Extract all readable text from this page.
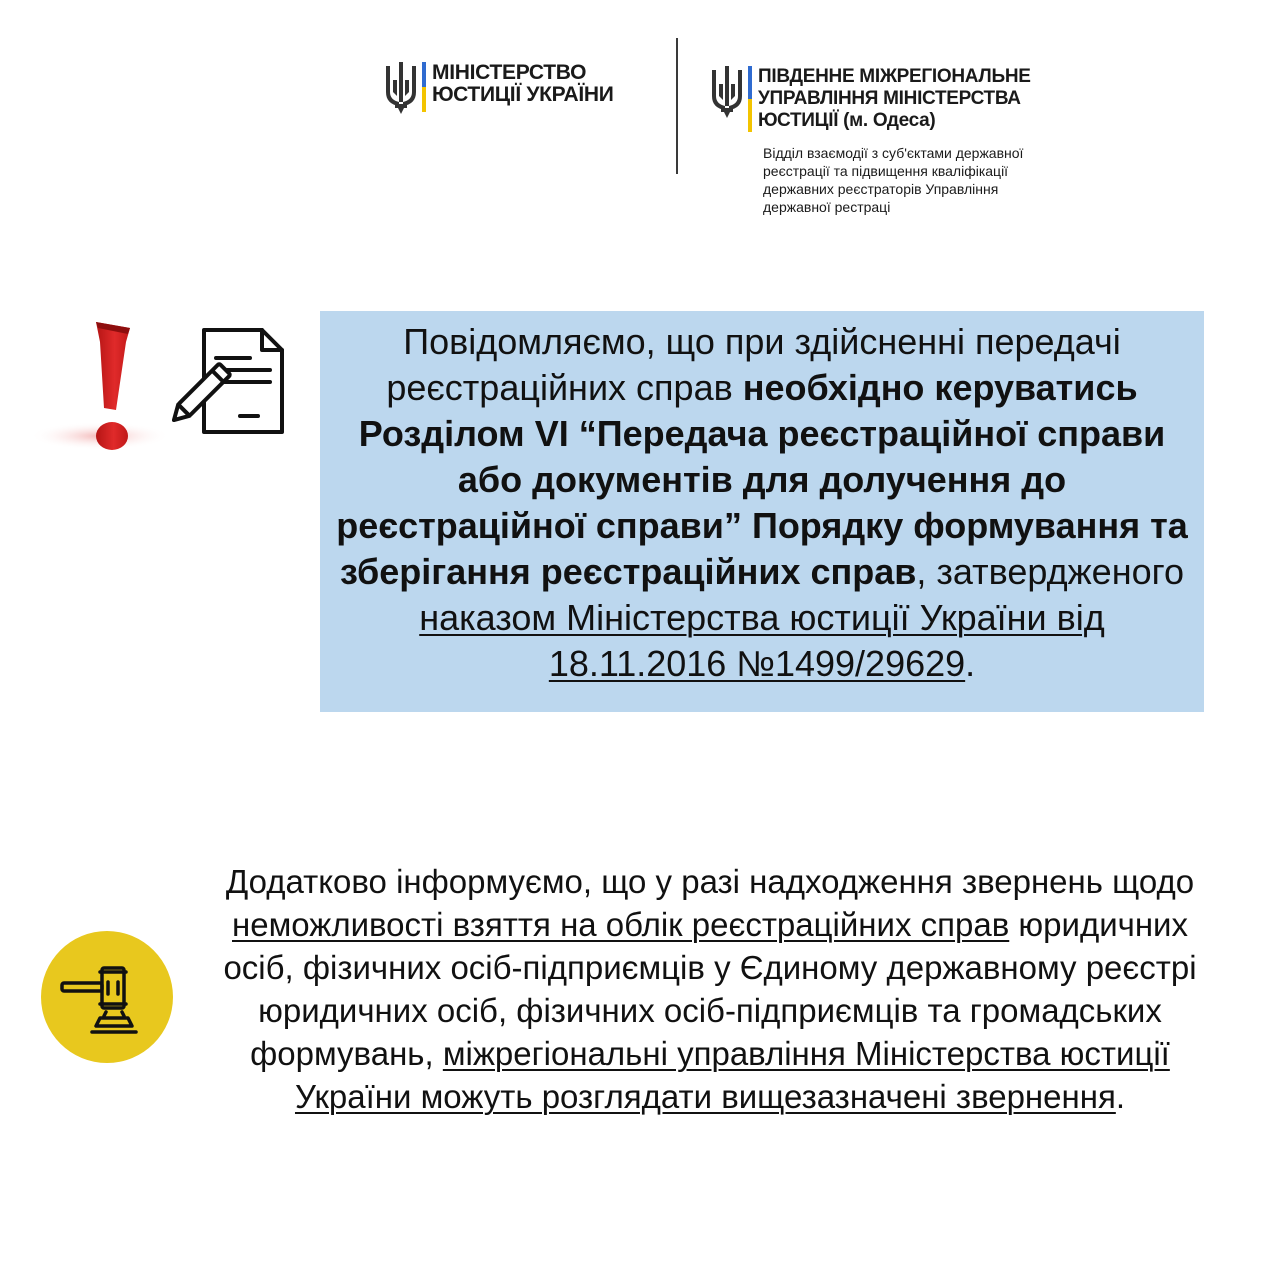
МІНІСТЕРСТВО
ЮСТИЦІЇ УКРАЇНИ
ПІВДЕННЕ МІЖРЕГІОНАЛЬНЕ
УПРАВЛІННЯ МІНІСТЕРСТВА
ЮСТИЦІЇ (м. Одеса)
Відділ взаємодії з суб'єктами державної
реєстрації та підвищення кваліфікації
державних реєстраторів Управління
державної рестраці
Повідомляємо, що при здійсненні передачі реєстраційних справ необхідно керуватись Розділом VI “Передача реєстраційної справи або документів для долучення до реєстраційної справи” Порядку формування та зберігання реєстраційних справ, затвердженого наказом Міністерства юстиції України від 18.11.2016 №1499/29629.
Додатково інформуємо, що у разі надходження звернень щодо неможливості взяття на облік реєстраційних справ юридичних осіб, фізичних осіб-підприємців у Єдиному державному реєстрі юридичних осіб, фізичних осіб-підприємців та громадських формувань, міжрегіональні управління Міністерства юстиції України можуть розглядати вищезазначені звернення.
